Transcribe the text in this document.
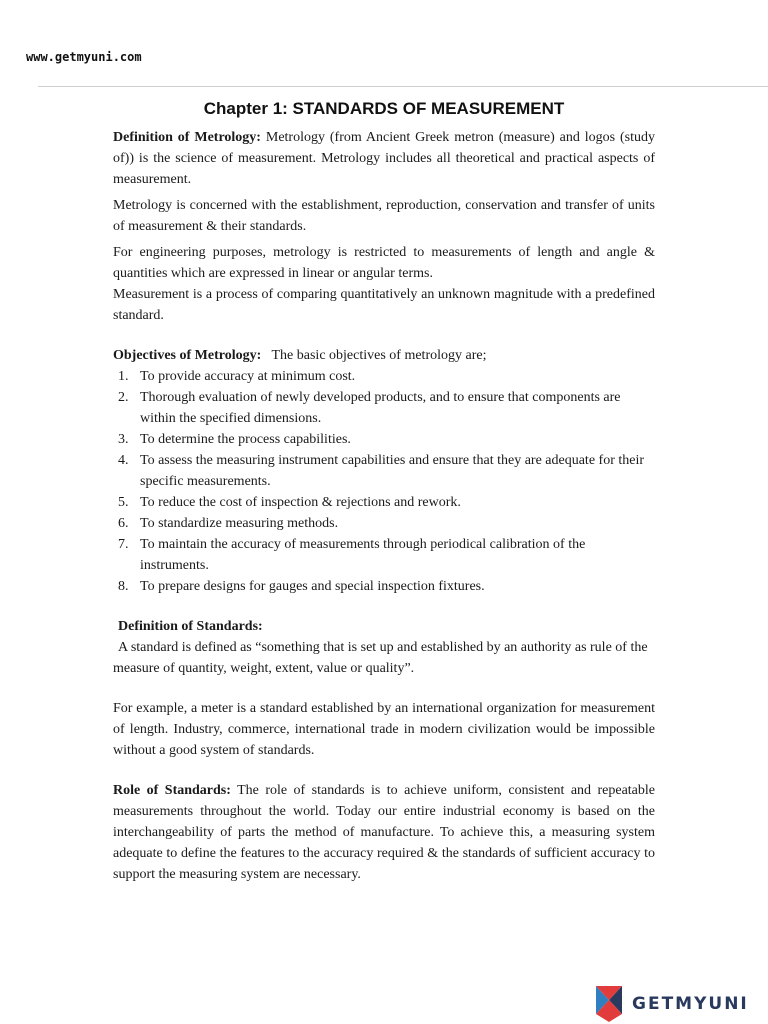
www.getmyuni.com
Chapter 1: STANDARDS OF MEASUREMENT

Definition of Metrology: Metrology (from Ancient Greek metron (measure) and logos (study of)) is the science of measurement. Metrology includes all theoretical and practical aspects of measurement.

Metrology is concerned with the establishment, reproduction, conservation and transfer of units of measurement & their standards.

For engineering purposes, metrology is restricted to measurements of length and angle & quantities which are expressed in linear or angular terms.

Measurement is a process of comparing quantitatively an unknown magnitude with a predefined standard.

Objectives of Metrology:   The basic objectives of metrology are;

1. To provide accuracy at minimum cost.
2. Thorough evaluation of newly developed products, and to ensure that components are within the specified dimensions.
3. To determine the process capabilities.
4. To assess the measuring instrument capabilities and ensure that they are adequate for their specific measurements.
5. To reduce the cost of inspection & rejections and rework.
6. To standardize measuring methods.
7. To maintain the accuracy of measurements through periodical calibration of the instruments.
8. To prepare designs for gauges and special inspection fixtures.

Definition of Standards:

A standard is defined as “something that is set up and established by an authority as rule of the measure of quantity, weight, extent, value or quality”.

For example, a meter is a standard established by an international organization for measurement of length. Industry, commerce, international trade in modern civilization would be impossible without a good system of standards.

Role of Standards: The role of standards is to achieve uniform, consistent and repeatable measurements throughout the world. Today our entire industrial economy is based on the interchangeability of parts the method of manufacture. To achieve this, a measuring system adequate to define the features to the accuracy required & the standards of sufficient accuracy to support the measuring system are necessary.

GETMYUNI
